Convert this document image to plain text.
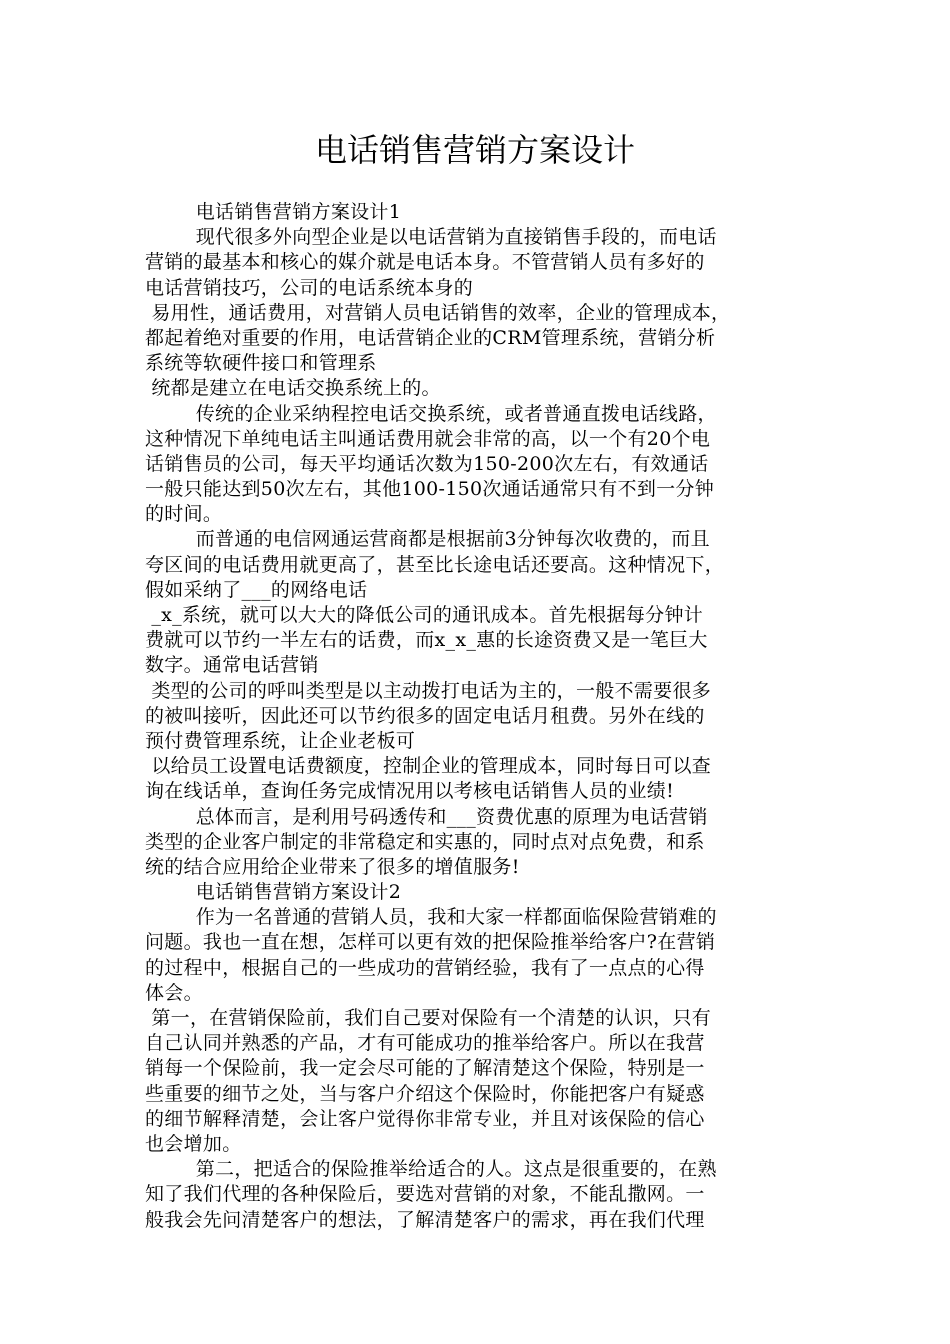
电话销售营销方案设计
电话销售营销方案设计1
现代很多外向型企业是以电话营销为直接销售手段的，而电话
营销的最基本和核心的媒介就是电话本身。不管营销人员有多好的
电话营销技巧，公司的电话系统本身的
易用性，通话费用，对营销人员电话销售的效率，企业的管理成本，
都起着绝对重要的作用，电话营销企业的CRM管理系统，营销分析
系统等软硬件接口和管理系
统都是建立在电话交换系统上的。
传统的企业采纳程控电话交换系统，或者普通直拨电话线路，
这种情况下单纯电话主叫通话费用就会非常的高，以一个有20个电
话销售员的公司，每天平均通话次数为150-200次左右，有效通话
一般只能达到50次左右，其他100-150次通话通常只有不到一分钟
的时间。
而普通的电信网通运营商都是根据前3分钟每次收费的，而且
夸区间的电话费用就更高了，甚至比长途电话还要高。这种情况下，
假如采纳了___的网络电话
_x_系统，就可以大大的降低公司的通讯成本。首先根据每分钟计
费就可以节约一半左右的话费，而x_x_惠的长途资费又是一笔巨大
数字。通常电话营销
类型的公司的呼叫类型是以主动拨打电话为主的，一般不需要很多
的被叫接听，因此还可以节约很多的固定电话月租费。另外在线的
预付费管理系统，让企业老板可
以给员工设置电话费额度，控制企业的管理成本，同时每日可以查
询在线话单，查询任务完成情况用以考核电话销售人员的业绩!
总体而言，是利用号码透传和___资费优惠的原理为电话营销
类型的企业客户制定的非常稳定和实惠的，同时点对点免费，和系
统的结合应用给企业带来了很多的增值服务!
电话销售营销方案设计2
作为一名普通的营销人员，我和大家一样都面临保险营销难的
问题。我也一直在想，怎样可以更有效的把保险推举给客户?在营销
的过程中，根据自己的一些成功的营销经验，我有了一点点的心得
体会。
第一，在营销保险前，我们自己要对保险有一个清楚的认识，只有
自己认同并熟悉的产品，才有可能成功的推举给客户。所以在我营
销每一个保险前，我一定会尽可能的了解清楚这个保险，特别是一
些重要的细节之处，当与客户介绍这个保险时，你能把客户有疑惑
的细节解释清楚，会让客户觉得你非常专业，并且对该保险的信心
也会增加。
第二，把适合的保险推举给适合的人。这点是很重要的，在熟
知了我们代理的各种保险后，要选对营销的对象，不能乱撒网。一
般我会先问清楚客户的想法，了解清楚客户的需求，再在我们代理
